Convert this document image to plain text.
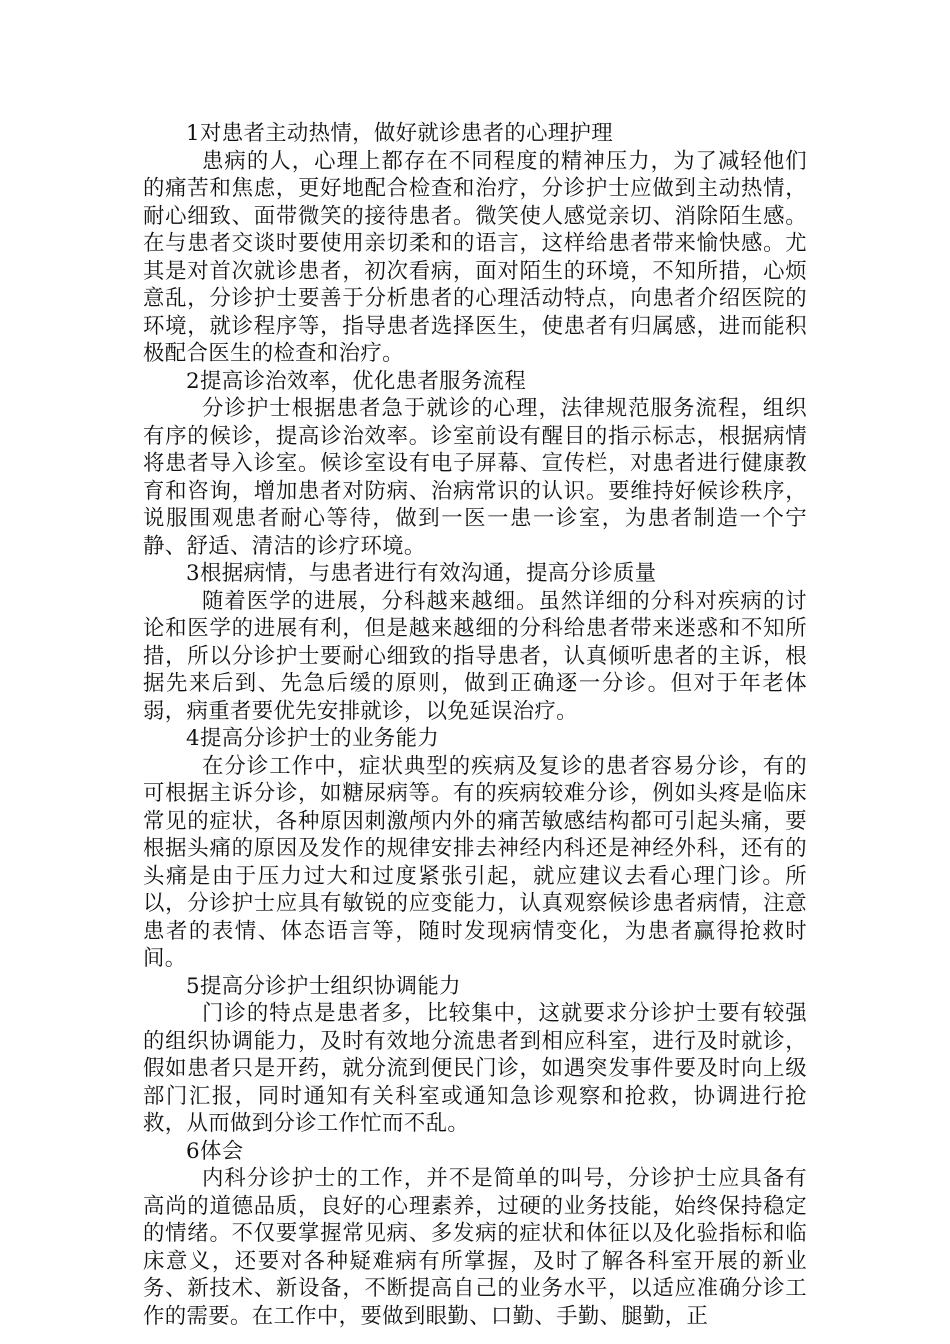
1对患者主动热情，做好就诊患者的心理护理

患病的人，心理上都存在不同程度的精神压力，为了减轻他们的痛苦和焦虑，更好地配合检查和治疗，分诊护士应做到主动热情，耐心细致、面带微笑的接待患者。微笑使人感觉亲切、消除陌生感。在与患者交谈时要使用亲切柔和的语言，这样给患者带来愉快感。尤其是对首次就诊患者，初次看病，面对陌生的环境，不知所措，心烦意乱，分诊护士要善于分析患者的心理活动特点，向患者介绍医院的环境，就诊程序等，指导患者选择医生，使患者有归属感，进而能积极配合医生的检查和治疗。

2提高诊治效率，优化患者服务流程

分诊护士根据患者急于就诊的心理，法律规范服务流程，组织有序的候诊，提高诊治效率。诊室前设有醒目的指示标志，根据病情将患者导入诊室。候诊室设有电子屏幕、宣传栏，对患者进行健康教育和咨询，增加患者对防病、治病常识的认识。要维持好候诊秩序，说服围观患者耐心等待，做到一医一患一诊室，为患者制造一个宁静、舒适、清洁的诊疗环境。

3根据病情，与患者进行有效沟通，提高分诊质量

随着医学的进展，分科越来越细。虽然详细的分科对疾病的讨论和医学的进展有利，但是越来越细的分科给患者带来迷惑和不知所措，所以分诊护士要耐心细致的指导患者，认真倾听患者的主诉，根据先来后到、先急后缓的原则，做到正确逐一分诊。但对于年老体弱，病重者要优先安排就诊，以免延误治疗。

4提高分诊护士的业务能力

在分诊工作中，症状典型的疾病及复诊的患者容易分诊，有的可根据主诉分诊，如糖尿病等。有的疾病较难分诊，例如头疼是临床常见的症状，各种原因刺激颅内外的痛苦敏感结构都可引起头痛，要根据头痛的原因及发作的规律安排去神经内科还是神经外科，还有的头痛是由于压力过大和过度紧张引起，就应建议去看心理门诊。所以，分诊护士应具有敏锐的应变能力，认真观察候诊患者病情，注意患者的表情、体态语言等，随时发现病情变化，为患者赢得抢救时间。

5提高分诊护士组织协调能力

门诊的特点是患者多，比较集中，这就要求分诊护士要有较强的组织协调能力，及时有效地分流患者到相应科室，进行及时就诊，假如患者只是开药，就分流到便民门诊，如遇突发事件要及时向上级部门汇报，同时通知有关科室或通知急诊观察和抢救，协调进行抢救，从而做到分诊工作忙而不乱。

6体会

内科分诊护士的工作，并不是简单的叫号，分诊护士应具备有高尚的道德品质，良好的心理素养，过硬的业务技能，始终保持稳定的情绪。不仅要掌握常见病、多发病的症状和体征以及化验指标和临床意义，还要对各种疑难病有所掌握，及时了解各科室开展的新业务、新技术、新设备，不断提高自己的业务水平，以适应准确分诊工作的需要。在工作中，要做到眼勤、口勤、手勤、腿勤，正
